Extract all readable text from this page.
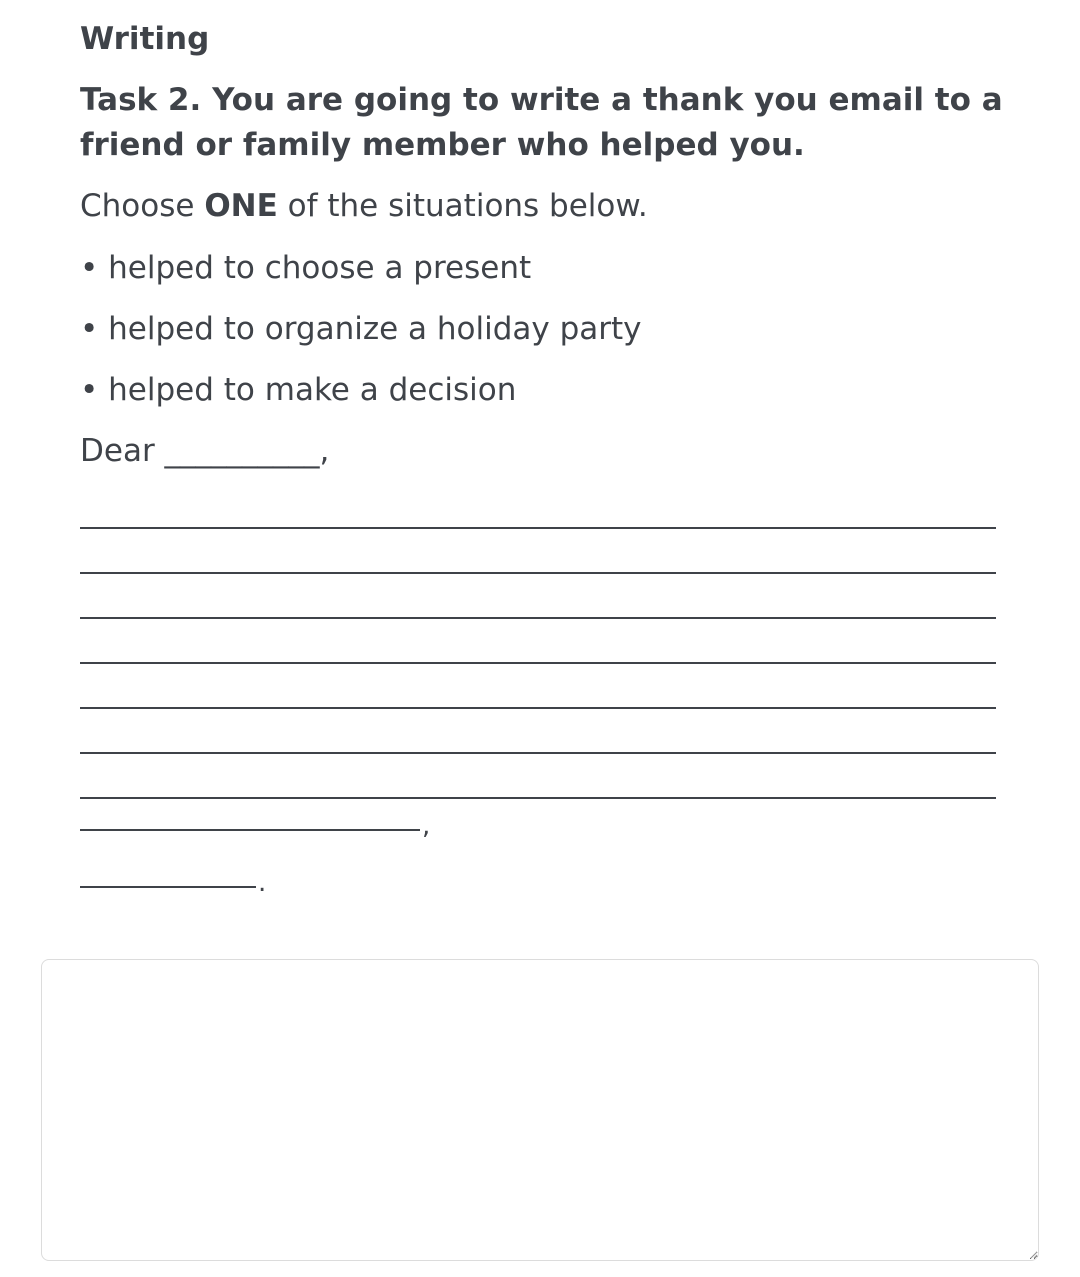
Writing

Task 2. You are going to write a thank you email to a friend or family member who helped you.

Choose ONE of the situations below.

• helped to choose a present

• helped to organize a holiday party

• helped to make a decision

Dear __________,

,
.
